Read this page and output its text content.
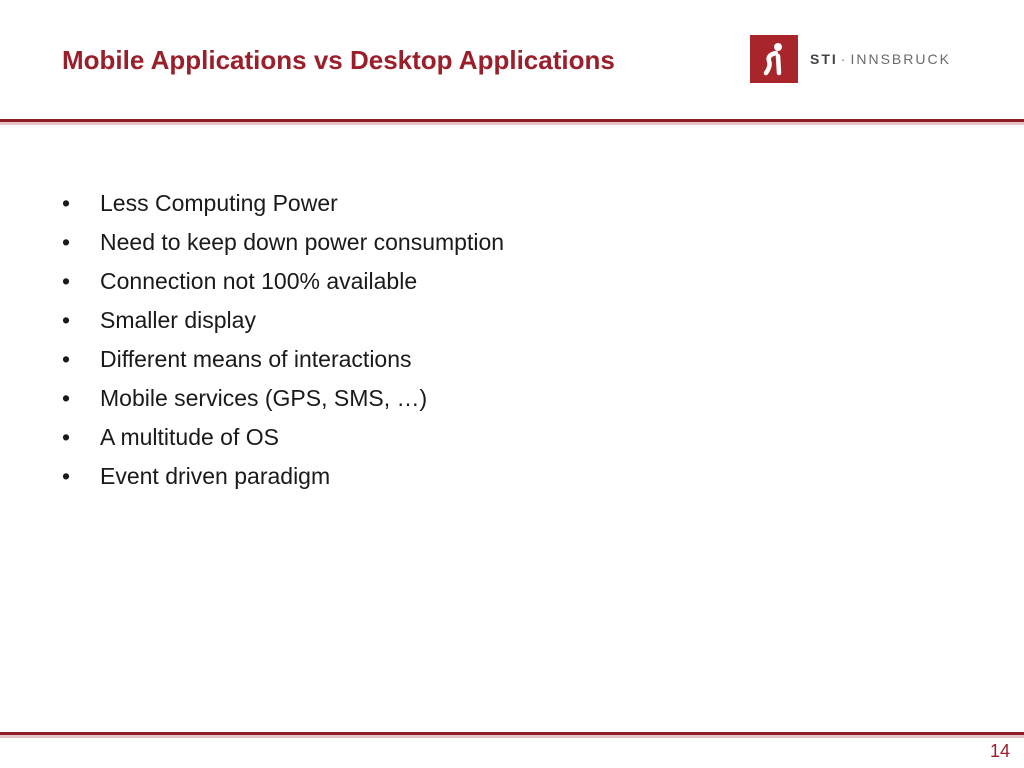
Mobile Applications vs Desktop Applications	STI · INNSBRUCK
• Less Computing Power
• Need to keep down power consumption
• Connection not 100% available
• Smaller display
• Different means of interactions
• Mobile services (GPS, SMS, …)
• A multitude of OS
• Event driven paradigm
14
